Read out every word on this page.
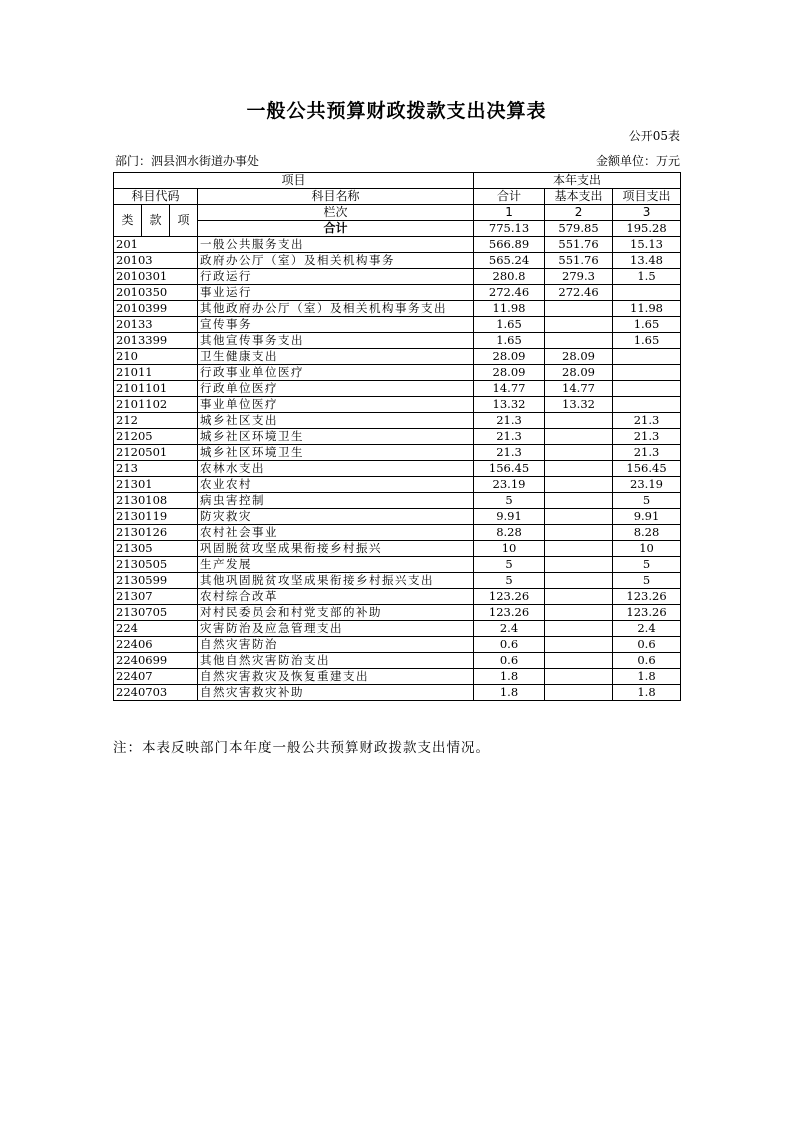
一般公共预算财政拨款支出决算表
公开05表
部门：泗县泗水街道办事处	金额单位：万元
项目				本年支出		
科目代码			科目名称	合计	基本支出	项目支出
类	款	项	栏次	1	2	3
			合计	775.13	579.85	195.28
201			一般公共服务支出	566.89	551.76	15.13
20103			政府办公厅（室）及相关机构事务	565.24	551.76	13.48
2010301			行政运行	280.8	279.3	1.5
2010350			事业运行	272.46	272.46	
2010399			其他政府办公厅（室）及相关机构事务支出	11.98		11.98
20133			宣传事务	1.65		1.65
2013399			其他宣传事务支出	1.65		1.65
210			卫生健康支出	28.09	28.09	
21011			行政事业单位医疗	28.09	28.09	
2101101			行政单位医疗	14.77	14.77	
2101102			事业单位医疗	13.32	13.32	
212			城乡社区支出	21.3		21.3
21205			城乡社区环境卫生	21.3		21.3
2120501			城乡社区环境卫生	21.3		21.3
213			农林水支出	156.45		156.45
21301			农业农村	23.19		23.19
2130108			病虫害控制	5		5
2130119			防灾救灾	9.91		9.91
2130126			农村社会事业	8.28		8.28
21305			巩固脱贫攻坚成果衔接乡村振兴	10		10
2130505			生产发展	5		5
2130599			其他巩固脱贫攻坚成果衔接乡村振兴支出	5		5
21307			农村综合改革	123.26		123.26
2130705			对村民委员会和村党支部的补助	123.26		123.26
224			灾害防治及应急管理支出	2.4		2.4
22406			自然灾害防治	0.6		0.6
2240699			其他自然灾害防治支出	0.6		0.6
22407			自然灾害救灾及恢复重建支出	1.8		1.8
2240703			自然灾害救灾补助	1.8		1.8
注：本表反映部门本年度一般公共预算财政拨款支出情况。
